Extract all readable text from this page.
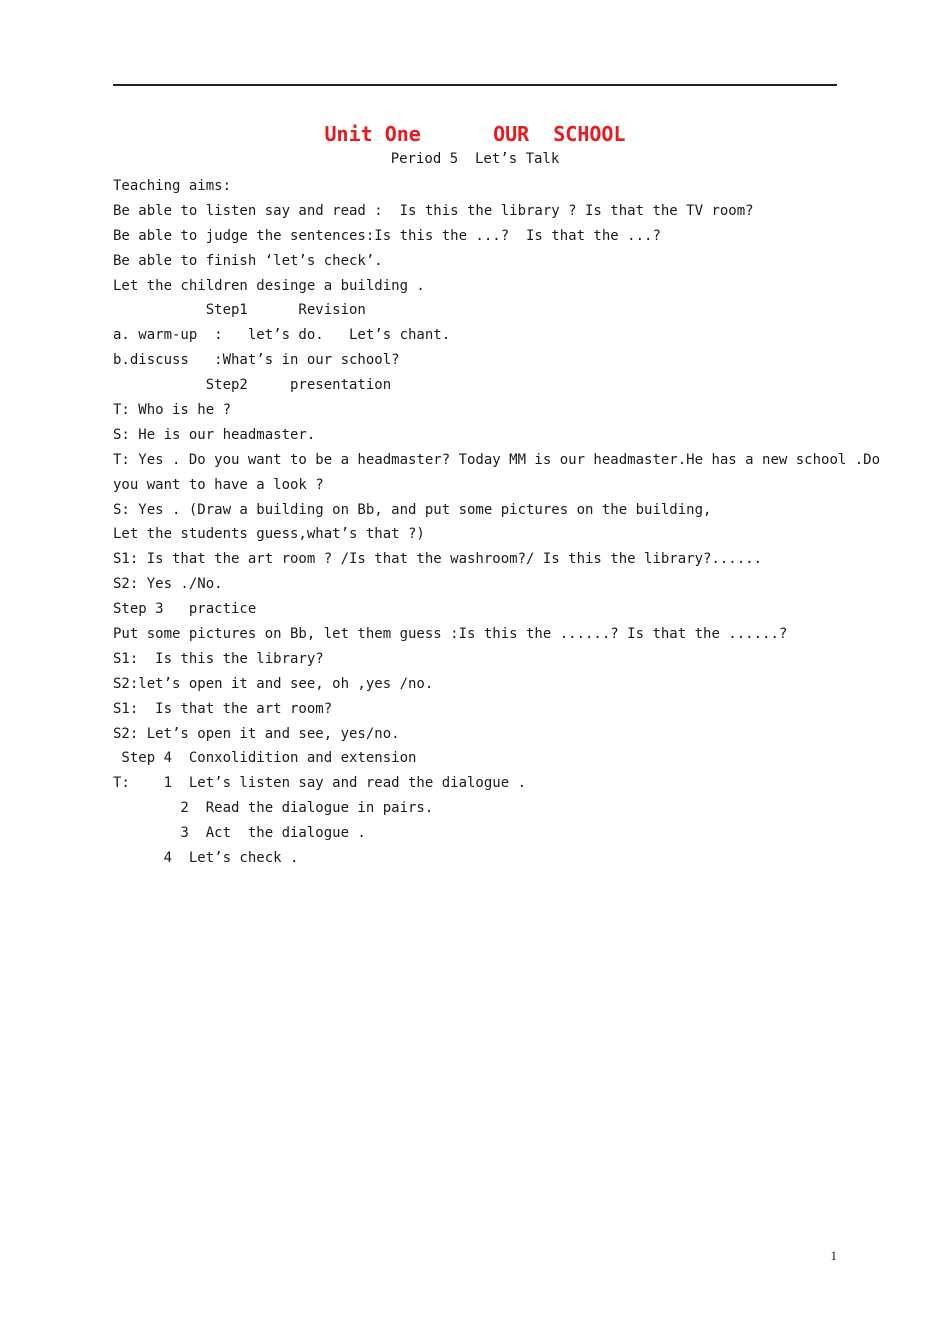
Unit One	OUR  SCHOOL
Period 5  Let’s Talk
Teaching aims:
Be able to listen say and read :  Is this the library ? Is that the TV room?
Be able to judge the sentences:Is this the ...?  Is that the ...?
Be able to finish ‘let’s check’.
Let the children desinge a building .
Step1      Revision
a. warm-up  :   let’s do.   Let’s chant.
b.discuss   :What’s in our school?
Step2     presentation
T: Who is he ?
S: He is our headmaster.
T: Yes . Do you want to be a headmaster? Today MM is our headmaster.He has a new school .Do
you want to have a look ?
S: Yes . (Draw a building on Bb, and put some pictures on the building,
Let the students guess,what’s that ?)
S1: Is that the art room ? /Is that the washroom?/ Is this the library?......
S2: Yes ./No.
Step 3   practice
Put some pictures on Bb, let them guess :Is this the ......? Is that the ......?
S1:  Is this the library?
S2:let’s open it and see, oh ,yes /no.
S1:  Is that the art room?
S2: Let’s open it and see, yes/no.
Step 4  Conxolidition and extension
T:    1  Let’s listen say and read the dialogue .
2  Read the dialogue in pairs.
3  Act  the dialogue .
4  Let’s check .
1
